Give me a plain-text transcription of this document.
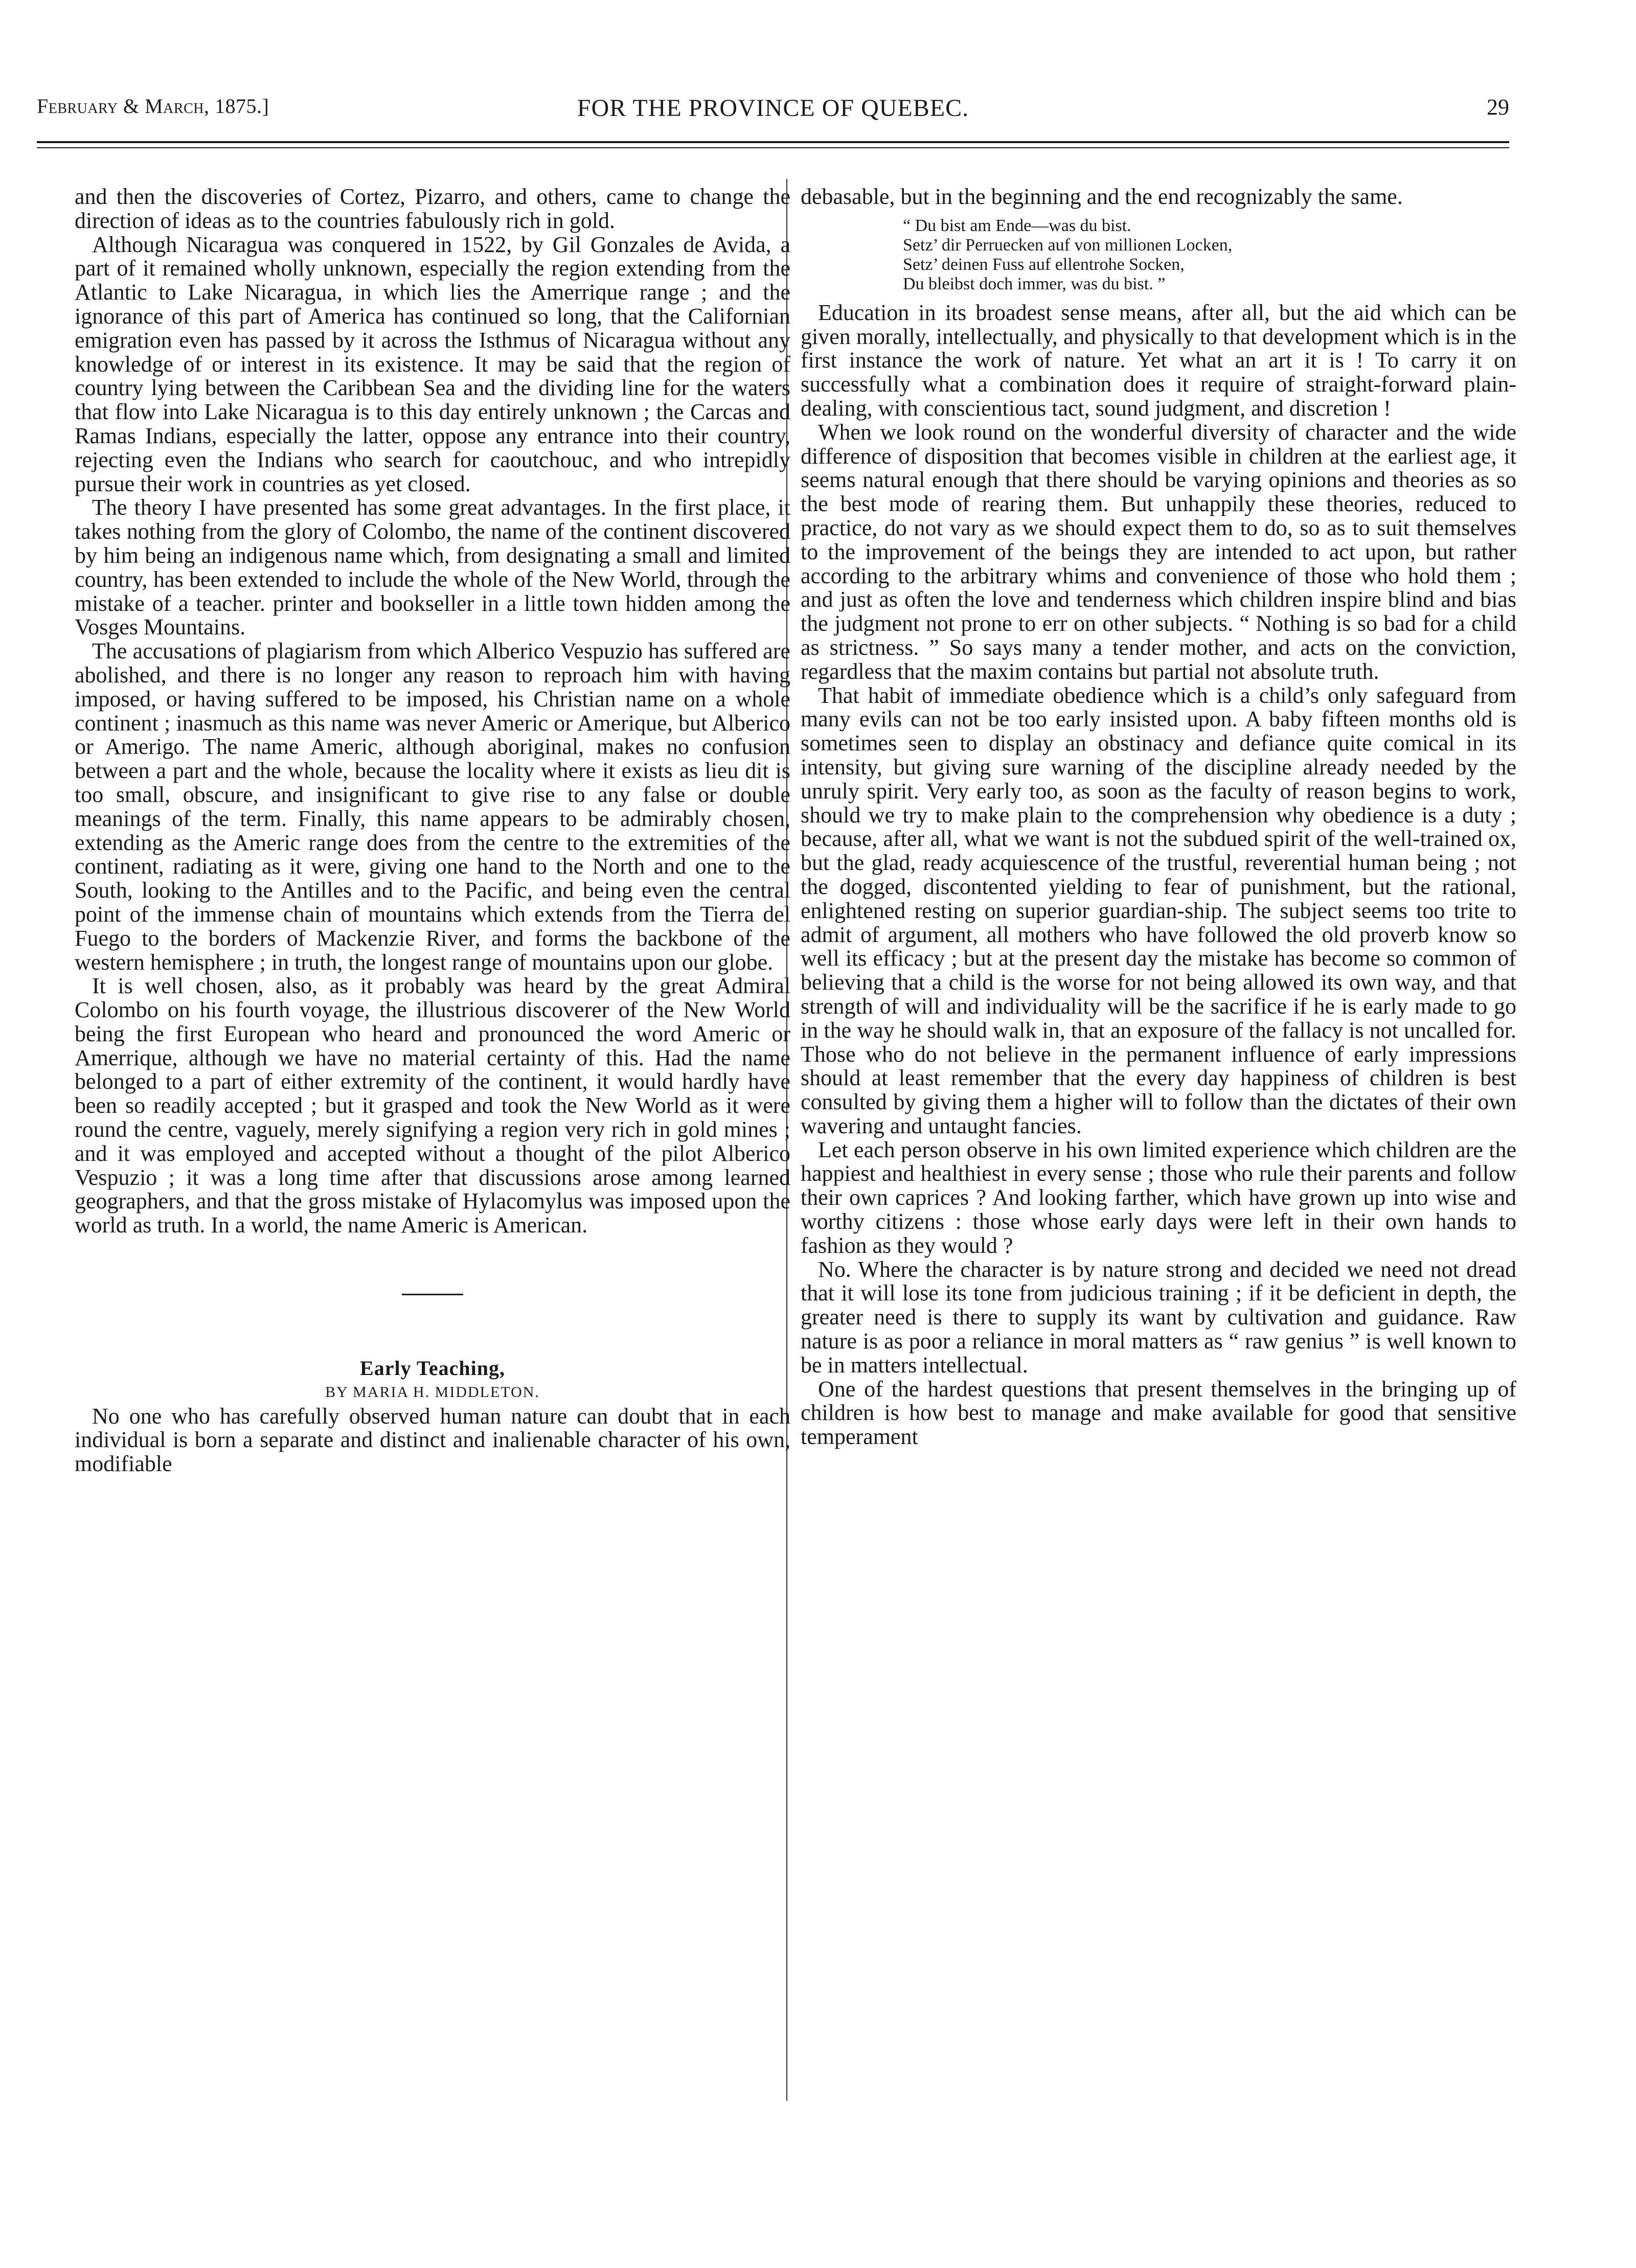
February & March, 1875.]	FOR THE PROVINCE OF QUEBEC.	29

and then the discoveries of Cortez, Pizarro, and others, came to change the direction of ideas as to the countries fabulously rich in gold.

Although Nicaragua was conquered in 1522, by Gil Gonzales de Avida, a part of it remained wholly unknown, especially the region extending from the Atlantic to Lake Nicaragua, in which lies the Amerrique range ; and the ignorance of this part of America has continued so long, that the Californian emigration even has passed by it across the Isthmus of Nicaragua without any knowledge of or interest in its existence. It may be said that the region of country lying between the Caribbean Sea and the dividing line for the waters that flow into Lake Nicaragua is to this day entirely unknown ; the Carcas and Ramas Indians, especially the latter, oppose any entrance into their country, rejecting even the Indians who search for caoutchouc, and who intrepidly pursue their work in countries as yet closed.

The theory I have presented has some great advantages. In the first place, it takes nothing from the glory of Colombo, the name of the continent discovered by him being an indigenous name which, from designating a small and limited country, has been extended to include the whole of the New World, through the mistake of a teacher. printer and bookseller in a little town hidden among the Vosges Mountains.

The accusations of plagiarism from which Alberico Vespuzio has suffered are abolished, and there is no longer any reason to reproach him with having imposed, or having suffered to be imposed, his Christian name on a whole continent ; inasmuch as this name was never Americ or Amerique, but Alberico or Amerigo. The name Americ, although aboriginal, makes no confusion between a part and the whole, because the locality where it exists as lieu dit is too small, obscure, and insignificant to give rise to any false or double meanings of the term. Finally, this name appears to be admirably chosen, extending as the Americ range does from the centre to the extremities of the continent, radiating as it were, giving one hand to the North and one to the South, looking to the Antilles and to the Pacific, and being even the central point of the immense chain of mountains which extends from the Tierra del Fuego to the borders of Mackenzie River, and forms the backbone of the western hemisphere ; in truth, the longest range of mountains upon our globe.

It is well chosen, also, as it probably was heard by the great Admiral Colombo on his fourth voyage, the illustrious discoverer of the New World being the first European who heard and pronounced the word Americ or Amerrique, although we have no material certainty of this. Had the name belonged to a part of either extremity of the continent, it would hardly have been so readily accepted ; but it grasped and took the New World as it were round the centre, vaguely, merely signifying a region very rich in gold mines ; and it was employed and accepted without a thought of the pilot Alberico Vespuzio ; it was a long time after that discussions arose among learned geographers, and that the gross mistake of Hylacomylus was imposed upon the world as truth. In a world, the name Americ is American.

Early Teaching,

BY MARIA H. MIDDLETON.

No one who has carefully observed human nature can doubt that in each individual is born a separate and distinct and inalienable character of his own, modifiable

debasable, but in the beginning and the end recognizably the same.

“ Du bist am Ende—was du bist.
Setz’ dir Perruecken auf von millionen Locken,
Setz’ deinen Fuss auf ellentrohe Socken,
Du bleibst doch immer, was du bist. ”

Education in its broadest sense means, after all, but the aid which can be given morally, intellectually, and physically to that development which is in the first instance the work of nature. Yet what an art it is ! To carry it on successfully what a combination does it require of straight-forward plain-dealing, with conscientious tact, sound judgment, and discretion !

When we look round on the wonderful diversity of character and the wide difference of disposition that becomes visible in children at the earliest age, it seems natural enough that there should be varying opinions and theories as so the best mode of rearing them. But unhappily these theories, reduced to practice, do not vary as we should expect them to do, so as to suit themselves to the improvement of the beings they are intended to act upon, but rather according to the arbitrary whims and convenience of those who hold them ; and just as often the love and tenderness which children inspire blind and bias the judgment not prone to err on other subjects. “ Nothing is so bad for a child as strictness. ” So says many a tender mother, and acts on the conviction, regardless that the maxim contains but partial not absolute truth.

That habit of immediate obedience which is a child’s only safeguard from many evils can not be too early insisted upon. A baby fifteen months old is sometimes seen to display an obstinacy and defiance quite comical in its intensity, but giving sure warning of the discipline already needed by the unruly spirit. Very early too, as soon as the faculty of reason begins to work, should we try to make plain to the comprehension why obedience is a duty ; because, after all, what we want is not the subdued spirit of the well-trained ox, but the glad, ready acquiescence of the trustful, reverential human being ; not the dogged, discontented yielding to fear of punishment, but the rational, enlightened resting on superior guardian-ship. The subject seems too trite to admit of argument, all mothers who have followed the old proverb know so well its efficacy ; but at the present day the mistake has become so common of believing that a child is the worse for not being allowed its own way, and that strength of will and individuality will be the sacrifice if he is early made to go in the way he should walk in, that an exposure of the fallacy is not uncalled for. Those who do not believe in the permanent influence of early impressions should at least remember that the every day happiness of children is best consulted by giving them a higher will to follow than the dictates of their own wavering and untaught fancies.

Let each person observe in his own limited experience which children are the happiest and healthiest in every sense ; those who rule their parents and follow their own caprices ? And looking farther, which have grown up into wise and worthy citizens : those whose early days were left in their own hands to fashion as they would ?

No. Where the character is by nature strong and decided we need not dread that it will lose its tone from judicious training ; if it be deficient in depth, the greater need is there to supply its want by cultivation and guidance. Raw nature is as poor a reliance in moral matters as “ raw genius ” is well known to be in matters intellectual.

One of the hardest questions that present themselves in the bringing up of children is how best to manage and make available for good that sensitive temperament
